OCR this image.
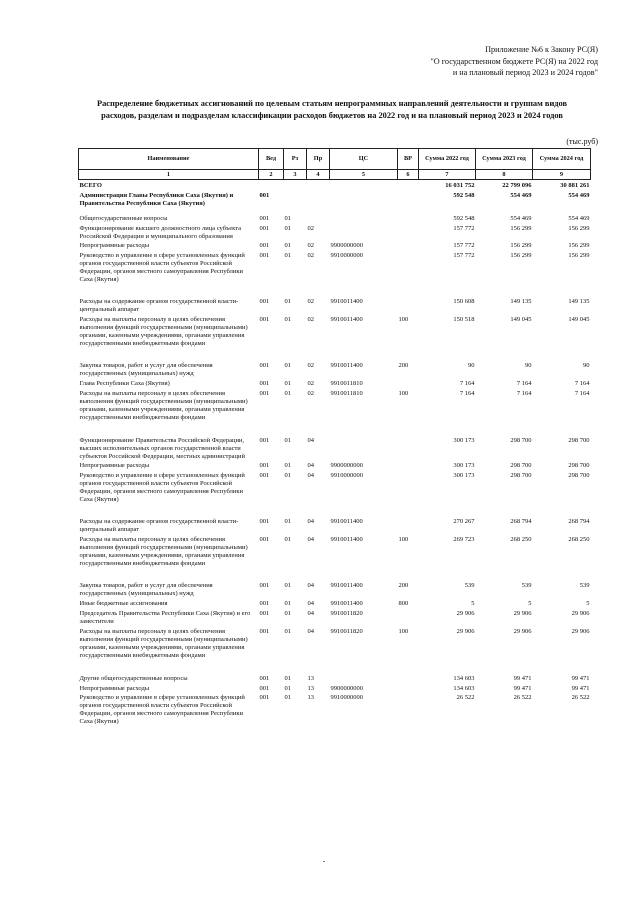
Приложение №6 к Закону РС(Я)
"О государственном бюджете РС(Я) на 2022 год
и на плановый период 2023 и 2024 годов"
Распределение бюджетных ассигнований по целевым статьям непрограммных направлений деятельности и группам видов
расходов, разделам и подразделам классификации расходов бюджетов на 2022 год и на плановый период 2023 и 2024 годов
(тыс.руб)
Наименование	Вед	Рз	Пр	ЦС	ВР	Сумма 2022 год	Сумма 2023 год	Сумма 2024 год
1	2	3	4	5	6	7	8	9
ВСЕГО						16 031 752	22 799 096	30 881 261
Администрация Главы Республики Саха (Якутия) и Правительства Республики Саха (Якутия)	001					592 548	554 469	554 469
Общегосударственные вопросы	001	01				592 548	554 469	554 469
Функционирование высшего должностного лица субъекта Российской Федерации и муниципального образования	001	01	02			157 772	156 299	156 299
Непрограммные расходы	001	01	02	9900000000		157 772	156 299	156 299
Руководство и управление в сфере установленных функций органов государственной власти субъектов Российской Федерации, органов местного самоуправления Республики Саха (Якутия)	001	01	02	9910000000		157 772	156 299	156 299
Расходы на содержание органов государственной власти- центральный аппарат	001	01	02	9910011400		150 608	149 135	149 135
Расходы на выплаты персоналу в целях обеспечения выполнения функций государственными (муниципальными) органами, казенными учреждениями, органами управления государственными внебюджетными фондами	001	01	02	9910011400	100	150 518	149 045	149 045
Закупка товаров, работ и услуг для обеспечения государственных (муниципальных) нужд	001	01	02	9910011400	200	90	90	90
Глава Республики Саха (Якутия)	001	01	02	9910011810		7 164	7 164	7 164
Расходы на выплаты персоналу в целях обеспечения выполнения функций государственными (муниципальными) органами, казенными учреждениями, органами управления государственными внебюджетными фондами	001	01	02	9910011810	100	7 164	7 164	7 164
Функционирование Правительства Российской Федерации, высших исполнительных органов государственной власти субъектов Российской Федерации, местных администраций	001	01	04			300 173	298 700	298 700
Непрограммные расходы	001	01	04	9900000000		300 173	298 700	298 700
Руководство и управление в сфере установленных функций органов государственной власти субъектов Российской Федерации, органов местного самоуправления Республики Саха (Якутия)	001	01	04	9910000000		300 173	298 700	298 700
Расходы на содержание органов государственной власти- центральный аппарат	001	01	04	9910011400		270 267	268 794	268 794
Расходы на выплаты персоналу в целях обеспечения выполнения функций государственными (муниципальными) органами, казенными учреждениями, органами управления государственными внебюджетными фондами	001	01	04	9910011400	100	269 723	268 250	268 250
Закупка товаров, работ и услуг для обеспечения государственных (муниципальных) нужд	001	01	04	9910011400	200	539	539	539
Иные бюджетные ассигнования	001	01	04	9910011400	800	5	5	5
Председатель Правительства Республики Саха (Якутия) и его заместители	001	01	04	9910011820		29 906	29 906	29 906
Расходы на выплаты персоналу в целях обеспечения выполнения функций государственными (муниципальными) органами, казенными учреждениями, органами управления государственными внебюджетными фондами	001	01	04	9910011820	100	29 906	29 906	29 906
Другие общегосударственные вопросы	001	01	13			134 603	99 471	99 471
Непрограммные расходы	001	01	13	9900000000		134 603	99 471	99 471
Руководство и управление в сфере установленных функций органов государственной власти субъектов Российской Федерации, органов местного самоуправления Республики Саха (Якутия)	001	01	13	9910000000		26 522	26 522	26 522
